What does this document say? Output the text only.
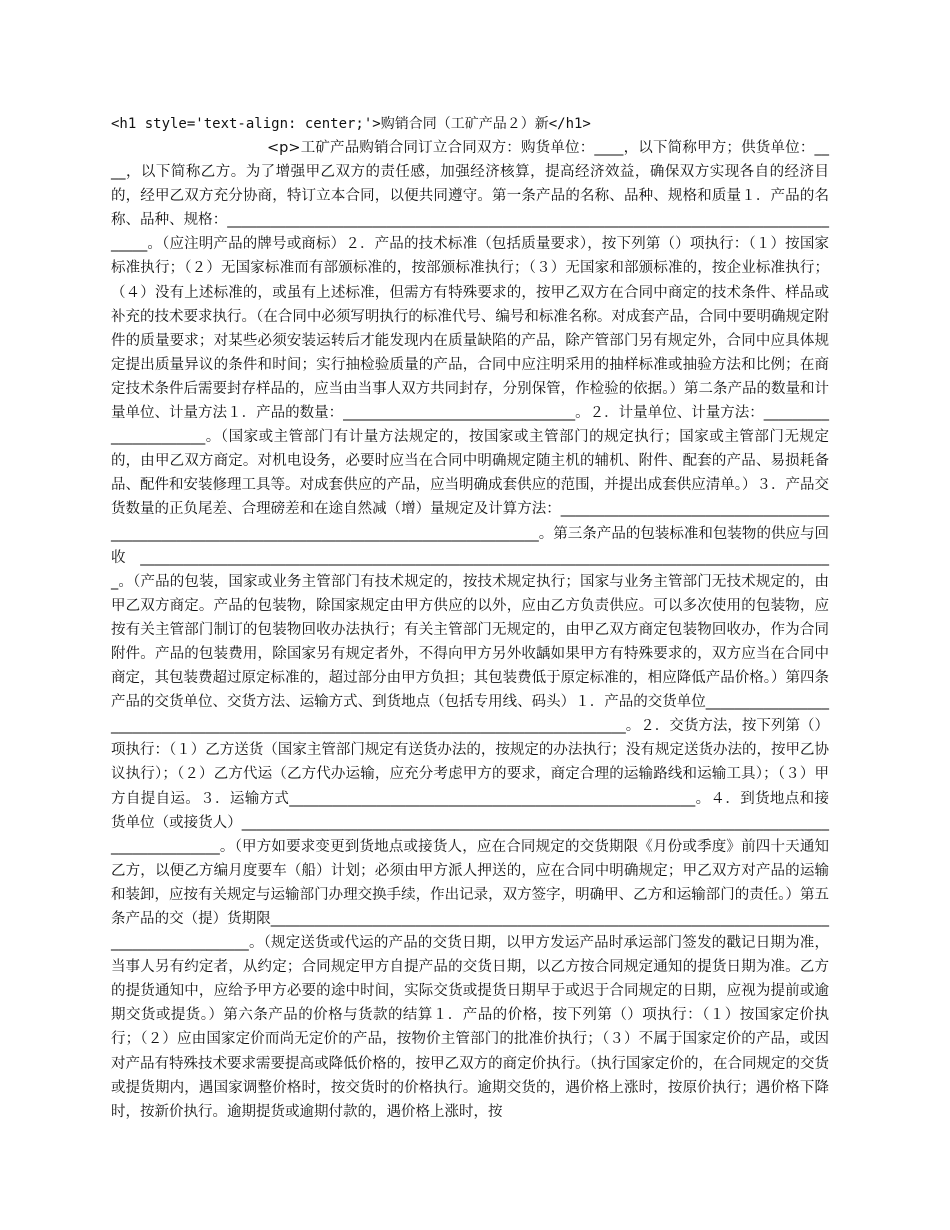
<h1 style='text-align: center;'>购销合同（工矿产品２）新</h1>

<p>工矿产品购销合同订立合同双方：购货单位：____，以下简称甲方；供货单位：____，以下简称乙方。为了增强甲乙双方的责任感，加强经济核算，提高经济效益，确保双方实现各自的经济目的，经甲乙双方充分协商，特订立本合同，以便共同遵守。第一条产品的名称、品种、规格和质量１．产品的名称、品种、规格：________________________________________________________________________________________。（应注明产品的牌号或商标）２．产品的技术标准（包括质量要求），按下列第（）项执行：（１）按国家标准执行；（２）无国家标准而有部颁标准的，按部颁标准执行；（３）无国家和部颁标准的，按企业标准执行；（４）没有上述标准的，或虽有上述标准，但需方有特殊要求的，按甲乙双方在合同中商定的技术条件、样品或补充的技术要求执行。（在合同中必须写明执行的标准代号、编号和标准名称。对成套产品，合同中要明确规定附件的质量要求；对某些必须安装运转后才能发现内在质量缺陷的产品，除产管部门另有规定外，合同中应具体规定提出质量异议的条件和时间；实行抽检验质量的产品，合同中应注明采用的抽样标准或抽验方法和比例；在商定技术条件后需要封存样品的，应当由当事人双方共同封存，分别保管，作检验的依据。）第二条产品的数量和计量单位、计量方法１．产品的数量：________________________________。２．计量单位、计量方法：______________________。（国家或主管部门有计量方法规定的，按国家或主管部门的规定执行；国家或主管部门无规定的，由甲乙双方商定。对机电设务，必要时应当在合同中明确规定随主机的辅机、附件、配套的产品、易损耗备品、配件和安装修理工具等。对成套供应的产品，应当明确成套供应的范围，并提出成套供应清单。）３．产品交货数量的正负尾差、合理磅差和在途自然减（增）量规定及计算方法：________________________________________________________________________________________________。第三条产品的包装标准和包装物的供应与回收________________________________________________________________________________________________。（产品的包装，国家或业务主管部门有技术规定的，按技术规定执行；国家与业务主管部门无技术规定的，由甲乙双方商定。产品的包装物，除国家规定由甲方供应的以外，应由乙方负责供应。可以多次使用的包装物，应按有关主管部门制订的包装物回收办法执行；有关主管部门无规定的，由甲乙双方商定包装物回收办，作为合同附件。产品的包装费用，除国家另有规定者外，不得向甲方另外收龋如果甲方有特殊要求的，双方应当在合同中商定，其包装费超过原定标准的，超过部分由甲方负担；其包装费低于原定标准的，相应降低产品价格。）第四条产品的交货单位、交货方法、运输方式、到货地点（包括专用线、码头）１．产品的交货单位________________________________________________________________________________________。２．交货方法，按下列第（）项执行：（１）乙方送货（国家主管部门规定有送货办法的，按规定的办法执行；没有规定送货办法的，按甲乙协议执行）；（２）乙方代运（乙方代办运输，应充分考虑甲方的要求，商定合理的运输路线和运输工具）；（３）甲方自提自运。３．运输方式________________________________________________________。４．到货地点和接货单位（或接货人）________________________________________________________________________________________________。（甲方如要求变更到货地点或接货人，应在合同规定的交货期限《月份或季度》前四十天通知乙方，以便乙方编月度要车（船）计划；必须由甲方派人押送的，应在合同中明确规定；甲乙双方对产品的运输和装卸，应按有关规定与运输部门办理交换手续，作出记录，双方签字，明确甲、乙方和运输部门的责任。）第五条产品的交（提）货期限________________________________________________________________________________________________。（规定送货或代运的产品的交货日期，以甲方发运产品时承运部门签发的戳记日期为准，当事人另有约定者，从约定；合同规定甲方自提产品的交货日期，以乙方按合同规定通知的提货日期为准。乙方的提货通知中，应给予甲方必要的途中时间，实际交货或提货日期早于或迟于合同规定的日期，应视为提前或逾期交货或提货。）第六条产品的价格与货款的结算１．产品的价格，按下列第（）项执行：（１）按国家定价执行；（２）应由国家定价而尚无定价的产品，按物价主管部门的批准价执行；（３）不属于国家定价的产品，或因对产品有特殊技术要求需要提高或降低价格的，按甲乙双方的商定价执行。（执行国家定价的，在合同规定的交货或提货期内，遇国家调整价格时，按交货时的价格执行。逾期交货的，遇价格上涨时，按原价执行；遇价格下降时，按新价执行。逾期提货或逾期付款的，遇价格上涨时，按
